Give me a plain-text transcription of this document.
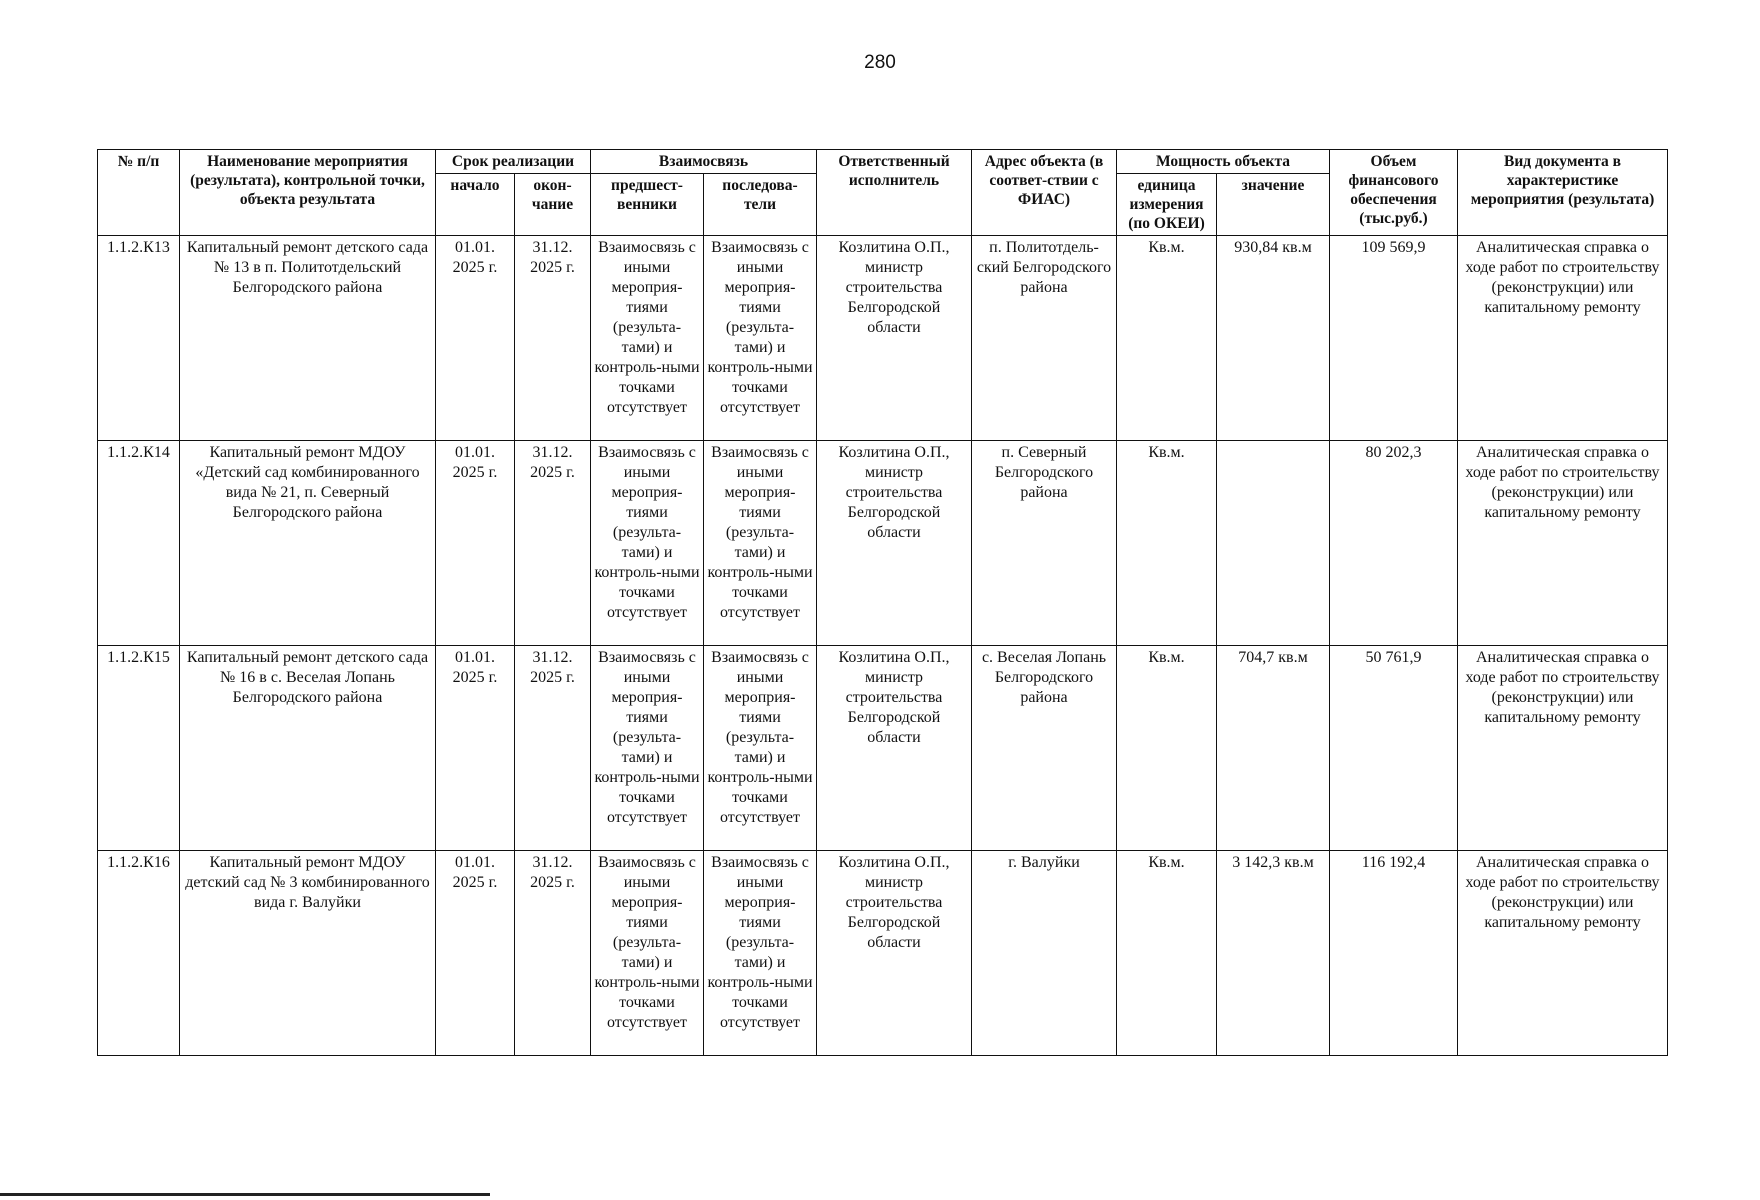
280
№ п/п	Наименование мероприятия (результата), контрольной точки, объекта результата	Срок реализации		Взаимосвязь		Ответственный исполнитель	Адрес объекта (в соответ-ствии с ФИАС)	Мощность объекта		Объем финансового обеспечения (тыс.руб.)	Вид документа в характеристике мероприятия (результата)
		начало	окон-чание	предшест-венники	последова-тели			единица измерения (по ОКЕИ)	значение		
1.1.2.К13	Капитальный ремонт детского сада № 13 в п. Политотдельский Белгородского района	01.01. 2025 г.	31.12. 2025 г.	Взаимосвязь с иными мероприя-тиями (результа-тами) и контроль-ными точками отсутствует	Взаимосвязь с иными мероприя-тиями (результа-тами) и контроль-ными точками отсутствует	Козлитина О.П., министр строительства Белгородской области	п. Политотдель-ский Белгородского района	Кв.м.	930,84 кв.м	109 569,9	Аналитическая справка о ходе работ по строительству (реконструкции) или капитальному ремонту
1.1.2.К14	Капитальный ремонт МДОУ «Детский сад комбинированного вида № 21, п. Северный Белгородского района	01.01. 2025 г.	31.12. 2025 г.	Взаимосвязь с иными мероприя-тиями (результа-тами) и контроль-ными точками отсутствует	Взаимосвязь с иными мероприя-тиями (результа-тами) и контроль-ными точками отсутствует	Козлитина О.П., министр строительства Белгородской области	п. Северный Белгородского района	Кв.м.		80 202,3	Аналитическая справка о ходе работ по строительству (реконструкции) или капитальному ремонту
1.1.2.К15	Капитальный ремонт детского сада № 16 в с. Веселая Лопань Белгородского района	01.01. 2025 г.	31.12. 2025 г.	Взаимосвязь с иными мероприя-тиями (результа-тами) и контроль-ными точками отсутствует	Взаимосвязь с иными мероприя-тиями (результа-тами) и контроль-ными точками отсутствует	Козлитина О.П., министр строительства Белгородской области	с. Веселая Лопань Белгородского района	Кв.м.	704,7 кв.м	50 761,9	Аналитическая справка о ходе работ по строительству (реконструкции) или капитальному ремонту
1.1.2.К16	Капитальный ремонт МДОУ детский сад № 3 комбинированного вида г. Валуйки	01.01. 2025 г.	31.12. 2025 г.	Взаимосвязь с иными мероприя-тиями (результа-тами) и контроль-ными точками отсутствует	Взаимосвязь с иными мероприя-тиями (результа-тами) и контроль-ными точками отсутствует	Козлитина О.П., министр строительства Белгородской области	г. Валуйки	Кв.м.	3 142,3 кв.м	116 192,4	Аналитическая справка о ходе работ по строительству (реконструкции) или капитальному ремонту
